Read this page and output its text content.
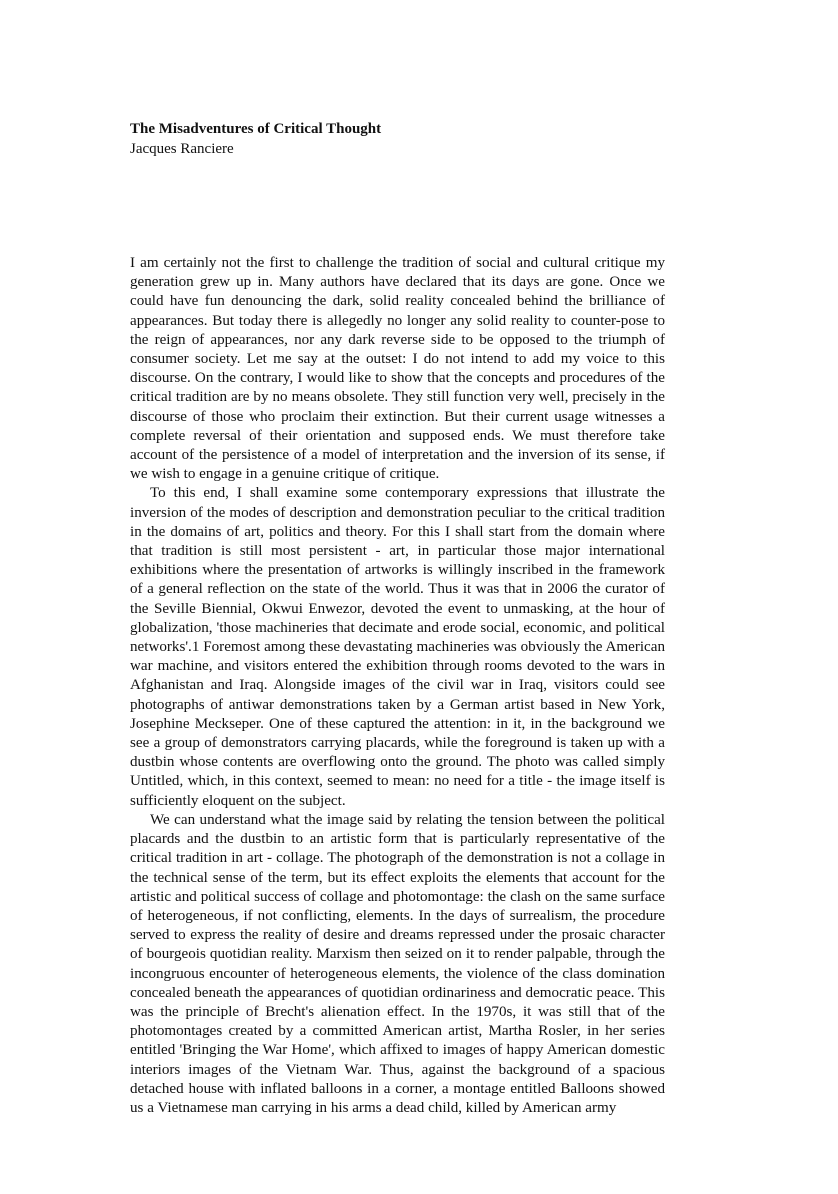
The Misadventures of Critical Thought

Jacques Ranciere

I am certainly not the first to challenge the tradition of social and cultural critique my generation grew up in. Many authors have declared that its days are gone. Once we could have fun denouncing the dark, solid reality concealed behind the brilliance of appearances. But today there is allegedly no longer any solid reality to counter-pose to the reign of appearances, nor any dark reverse side to be opposed to the triumph of consumer society. Let me say at the outset: I do not intend to add my voice to this discourse. On the contrary, I would like to show that the concepts and procedures of the critical tradition are by no means obsolete. They still function very well, precisely in the discourse of those who proclaim their extinction. But their current usage witnesses a complete reversal of their orientation and supposed ends. We must therefore take account of the persistence of a model of interpretation and the inversion of its sense, if we wish to engage in a genuine critique of critique.

To this end, I shall examine some contemporary expressions that illustrate the inversion of the modes of description and demonstration peculiar to the critical tradition in the domains of art, politics and theory. For this I shall start from the domain where that tradition is still most persistent - art, in particular those major international exhibitions where the presentation of artworks is willingly inscribed in the framework of a general reflection on the state of the world. Thus it was that in 2006 the curator of the Seville Biennial, Okwui Enwezor, devoted the event to unmasking, at the hour of globalization, 'those machineries that decimate and erode social, economic, and political networks'.1 Foremost among these devastating machineries was obviously the American war machine, and visitors entered the exhibition through rooms devoted to the wars in Afghanistan and Iraq. Alongside images of the civil war in Iraq, visitors could see photographs of antiwar demonstrations taken by a German artist based in New York, Josephine Meckseper. One of these captured the attention: in it, in the background we see a group of demonstrators carrying placards, while the foreground is taken up with a dustbin whose contents are overflowing onto the ground. The photo was called simply Untitled, which, in this context, seemed to mean: no need for a title - the image itself is sufficiently eloquent on the subject.

We can understand what the image said by relating the tension between the political placards and the dustbin to an artistic form that is particularly representative of the critical tradition in art - collage. The photograph of the demonstration is not a collage in the technical sense of the term, but its effect exploits the elements that account for the artistic and political success of collage and photomontage: the clash on the same surface of heterogeneous, if not conflicting, elements. In the days of surrealism, the procedure served to express the reality of desire and dreams repressed under the prosaic character of bourgeois quotidian reality. Marxism then seized on it to render palpable, through the incongruous encounter of heterogeneous elements, the violence of the class domination concealed beneath the appearances of quotidian ordinariness and democratic peace. This was the principle of Brecht's alienation effect. In the 1970s, it was still that of the photomontages created by a committed American artist, Martha Rosler, in her series entitled 'Bringing the War Home', which affixed to images of happy American domestic interiors images of the Vietnam War. Thus, against the background of a spacious detached house with inflated balloons in a corner, a montage entitled Balloons showed us a Vietnamese man carrying in his arms a dead child, killed by American army
